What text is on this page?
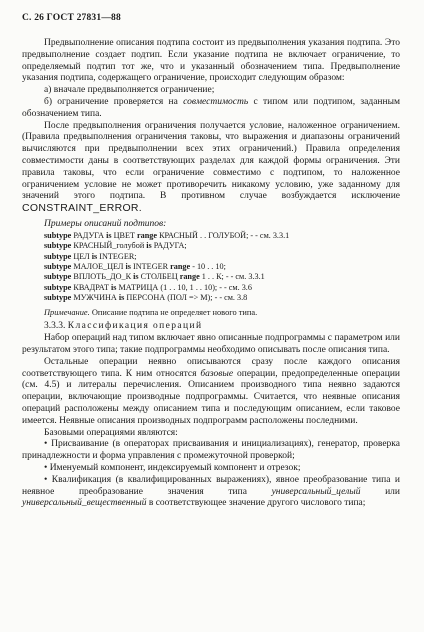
С. 26 ГОСТ 27831—88

Предвыполнение описания подтипа состоит из предвыполнения указания подтипа. Это предвыполнение создает подтип. Если указание подтипа не включает ограничение, то определяемый подтип тот же, что и указанный обозначением типа. Предвыполнение указания подтипа, содержащего ограничение, происходит следующим образом:

а) вначале предвыполняется ограничение;

б) ограничение проверяется на совместимость с типом или подтипом, заданным обозначением типа.

После предвыполнения ограничения получается условие, наложенное ограничением. (Правила предвыполнения ограничения таковы, что выражения и диапазоны ограничений вычисляются при предвыполнении всех этих ограничений.) Правила определения совместимости даны в соответствующих разделах для каждой формы ограничения. Эти правила таковы, что если ограничение совместимо с подтипом, то наложенное ограничением условие не может противоречить никакому условию, уже заданному для значений этого подтипа. В противном случае возбуждается исключение CONSTRAINT_ERROR.

Примеры описаний подтипов:

subtype РАДУГА is ЦВЕТ range КРАСНЫЙ . . ГОЛУБОЙ; - - см. 3.3.1
subtype КРАСНЫЙ_голубой is РАДУГА;
subtype ЦЕЛ is INTEGER;
subtype МАЛОЕ_ЦЕЛ is INTEGER range - 10 . . 10;
subtype ВПЛОТЬ_ДО_К is СТОЛБЕЦ range 1 . . К; - - см. 3.3.1
subtype КВАДРАТ is МАТРИЦА (1 . . 10, 1 . . 10); - - см. 3.6
subtype МУЖЧИНА is ПЕРСОНА (ПОЛ => М); - - см. 3.8

Примечание. Описание подтипа не определяет нового типа.

3.3.3. Классификация операций

Набор операций над типом включает явно описанные подпрограммы с параметром или результатом этого типа; такие подпрограммы необходимо описывать после описания типа.

Остальные операции неявно описываются сразу после каждого описания соответствующего типа. К ним относятся базовые операции, предопределенные операции (см. 4.5) и литералы перечисления. Описанием производного типа неявно задаются операции, включающие производные подпрограммы. Считается, что неявные описания операций расположены между описанием типа и последующим описанием, если таковое имеется. Неявные описания производных подпрограмм расположены последними.

Базовыми операциями являются:

• Присваивание (в операторах присваивания и инициализациях), генератор, проверка принадлежности и форма управления с промежуточной проверкой;

• Именуемый компонент, индексируемый компонент и отрезок;

• Квалификация (в квалифицированных выражениях), явное преобразование типа и неявное преобразование значения типа универсальный_целый или универсальный_вещественный в соответствующее значение другого числового типа;
